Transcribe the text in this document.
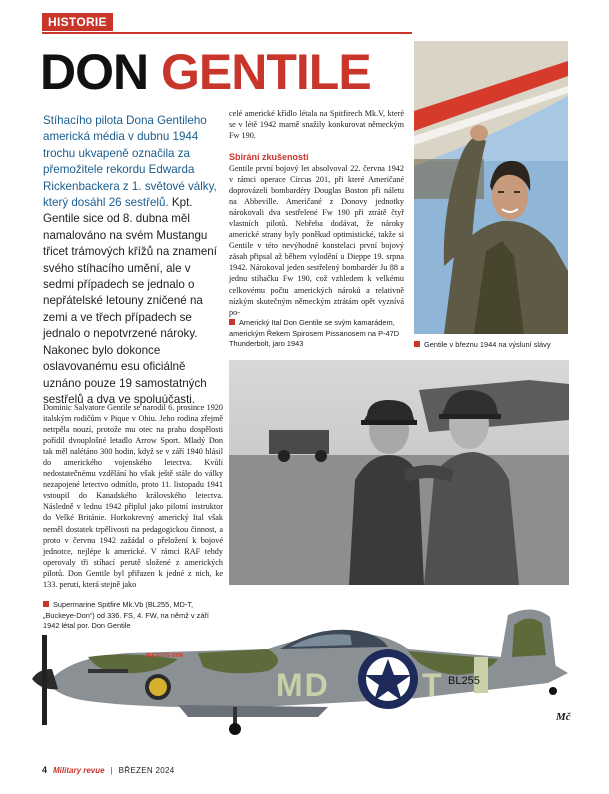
HISTORIE
DON GENTILE
Stíhacího pilota Dona Gentileho americká média v dubnu 1944 trochu ukvapeně označila za přemožitele rekordu Edwarda Rickenbackera z 1. světové války, který dosáhl 26 sestřelů. Kpt. Gentile sice od 8. dubna měl namalováno na svém Mustangu třicet trámových křížů na znamení svého stíhacího umění, ale v sedmi případech se jednalo o nepřátelské letouny zničené na zemi a ve třech případech se jednalo o nepotvrzené nároky. Nakonec bylo dokonce oslavovanému esu oficiálně uznáno pouze 19 samostatných sestřelů a dva ve spoluúčasti.
Dominic Salvatore Gentile se narodil 6. prosince 1920 italským rodičům v Pique v Ohiu. Jeho rodina zřejmě netrpěla nouzí, protože mu otec na prahu dospělosti pořídil dvouplošné letadlo Arrow Sport. Mladý Don tak měl nalétáno 300 hodin, když se v září 1940 hlásil do amerického vojenského letectva. Kvůli nedostatečnému vzdělání ho však ještě stále do války nezapojené letectvo odmítlo, proto 11. listopadu 1941 vstoupil do Kanadského královského letectva. Následně v lednu 1942 připlul jako pilotní instruktor do Velké Británie. Horkokrevný americký Ital však neměl dostatek trpělivosti na pedagogickou činnost, a proto v červnu 1942 zažádal o přeložení k bojové jednotce, nejlépe k americké. V rámci RAF tehdy operovaly tři stíhací perutě složené z amerických pilotů. Don Gentile byl přiřazen k jedné z nich, ke 133. peruti, která stejně jako
celé americké křídlo létala na Spitfirech Mk.V, které se v létě 1942 marně snažily konkurovat německým Fw 190.
Sbírání zkušeností
Gentile první bojový let absolvoval 22. června 1942 v rámci operace Circus 201, při které Američané doprovázeli bombardéry Douglas Boston při náletu na Abbeville. Američané z Donovy jednotky nárokovali dva sestřelené Fw 190 při ztrátě čtyř vlastních pilotů. Nebřeba dodávat, že nároky americké strany byly poněkud optimistické, takže si Gentile v této nevýhodné konstelaci první bojový zásah připsal až během vylodění u Dieppe 19. srpna 1942. Nárokoval jeden sestřelený bombardér Ju 88 a jednu stíhačku Fw 190, což vzhledem k velkému celkovému počtu amerických nároků a relativně nízkým skutečným německým ztrátám opět vyznívá po-
Gentile v březnu 1944 na výsluní slávy
Americký Ital Don Gentile se svým kamarádem, americkým Řekem Spirosem Pissanosem na P-47D Thunderbolt, jaro 1943
Supermarine Spitfire Mk.Vb (BL255, MD-T, „Buckeye-Don“) od 336. FS, 4. FW, na němž v září 1942 létal por. Don Gentile
MD	T BL255
BUCKEYE-DON
Mč
4 Military revue | BŘEZEN 2024
